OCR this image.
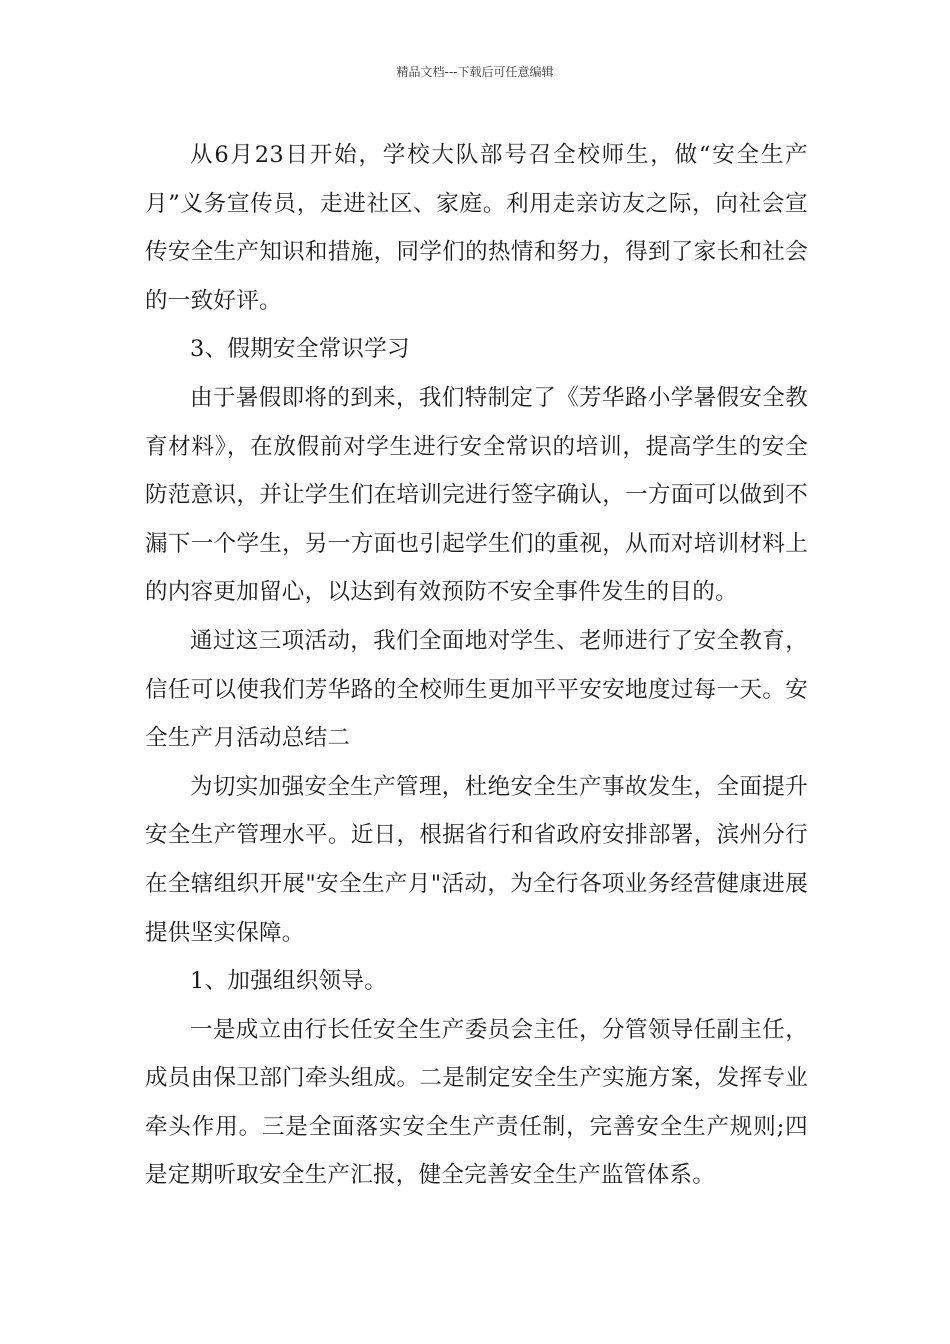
精品文档---下载后可任意编辑

从6月23日开始，学校大队部号召全校师生，做“安全生产月”义务宣传员，走进社区、家庭。利用走亲访友之际，向社会宣传安全生产知识和措施，同学们的热情和努力，得到了家长和社会的一致好评。

3、假期安全常识学习

由于暑假即将的到来，我们特制定了《芳华路小学暑假安全教育材料》，在放假前对学生进行安全常识的培训，提高学生的安全防范意识，并让学生们在培训完进行签字确认，一方面可以做到不漏下一个学生，另一方面也引起学生们的重视，从而对培训材料上的内容更加留心，以达到有效预防不安全事件发生的目的。

通过这三项活动，我们全面地对学生、老师进行了安全教育，信任可以使我们芳华路的全校师生更加平平安安地度过每一天。安全生产月活动总结二

为切实加强安全生产管理，杜绝安全生产事故发生，全面提升安全生产管理水平。近日，根据省行和省政府安排部署，滨州分行在全辖组织开展"安全生产月"活动，为全行各项业务经营健康进展提供坚实保障。

1、加强组织领导。

一是成立由行长任安全生产委员会主任，分管领导任副主任，成员由保卫部门牵头组成。二是制定安全生产实施方案，发挥专业牵头作用。三是全面落实安全生产责任制，完善安全生产规则;四是定期听取安全生产汇报，健全完善安全生产监管体系。
